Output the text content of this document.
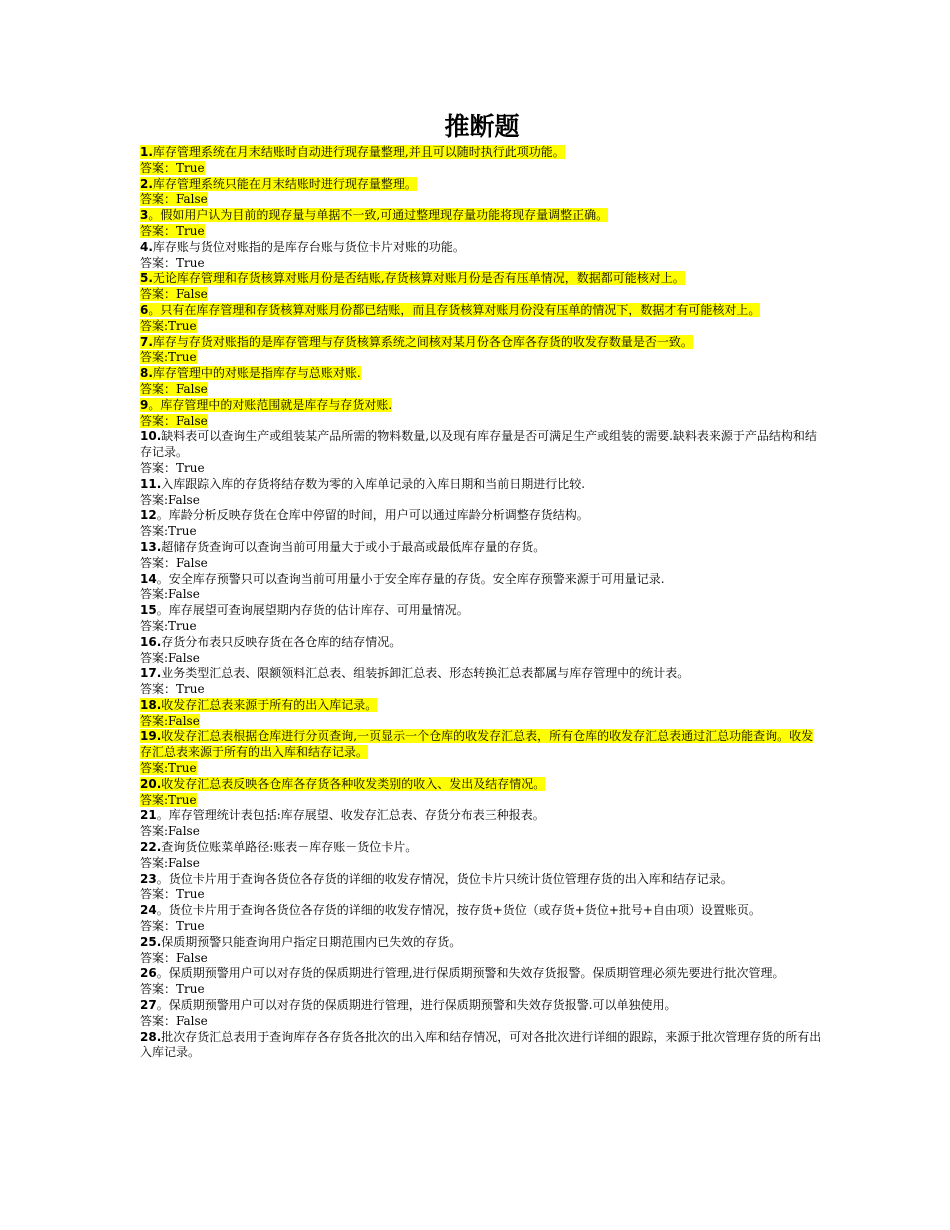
推断题
1.库存管理系统在月末结账时自动进行现存量整理,并且可以随时执行此项功能。
答案：True
2.库存管理系统只能在月末结账时进行现存量整理。
答案：False
3。假如用户认为目前的现存量与单据不一致,可通过整理现存量功能将现存量调整正确。
答案：True
4.库存账与货位对账指的是库存台账与货位卡片对账的功能。
答案：True
5.无论库存管理和存货核算对账月份是否结账,存货核算对账月份是否有压单情况，数据都可能核对上。
答案：False
6。只有在库存管理和存货核算对账月份都已结账，而且存货核算对账月份没有压单的情况下，数据才有可能核对上。
答案:True
7.库存与存货对账指的是库存管理与存货核算系统之间核对某月份各仓库各存货的收发存数量是否一致。
答案:True
8.库存管理中的对账是指库存与总账对账.
答案：False
9。库存管理中的对账范围就是库存与存货对账.
答案：False
10.缺料表可以查询生产或组装某产品所需的物料数量,以及现有库存量是否可满足生产或组装的需要.缺料表来源于产品结构和结存记录。
答案：True
11.入库跟踪入库的存货将结存数为零的入库单记录的入库日期和当前日期进行比较.
答案:False
12。库龄分析反映存货在仓库中停留的时间，用户可以通过库龄分析调整存货结构。
答案:True
13.超储存货查询可以查询当前可用量大于或小于最高或最低库存量的存货。
答案：False
14。安全库存预警只可以查询当前可用量小于安全库存量的存货。安全库存预警来源于可用量记录.
答案:False
15。库存展望可查询展望期内存货的估计库存、可用量情况。
答案:True
16.存货分布表只反映存货在各仓库的结存情况。
答案:False
17.业务类型汇总表、限额领料汇总表、组装拆卸汇总表、形态转换汇总表都属与库存管理中的统计表。
答案：True
18.收发存汇总表来源于所有的出入库记录。
答案:False
19.收发存汇总表根据仓库进行分页查询,一页显示一个仓库的收发存汇总表，所有仓库的收发存汇总表通过汇总功能查询。收发存汇总表来源于所有的出入库和结存记录。
答案:True
20.收发存汇总表反映各仓库各存货各种收发类别的收入、发出及结存情况。
答案:True
21。库存管理统计表包括:库存展望、收发存汇总表、存货分布表三种报表。
答案:False
22.查询货位账菜单路径:账表－库存账－货位卡片。
答案:False
23。货位卡片用于查询各货位各存货的详细的收发存情况，货位卡片只统计货位管理存货的出入库和结存记录。
答案：True
24。货位卡片用于查询各货位各存货的详细的收发存情况，按存货+货位（或存货+货位+批号+自由项）设置账页。
答案：True
25.保质期预警只能查询用户指定日期范围内已失效的存货。
答案：False
26。保质期预警用户可以对存货的保质期进行管理,进行保质期预警和失效存货报警。保质期管理必须先要进行批次管理。
答案：True
27。保质期预警用户可以对存货的保质期进行管理，进行保质期预警和失效存货报警.可以单独使用。
答案：False
28.批次存货汇总表用于查询库存各存货各批次的出入库和结存情况，可对各批次进行详细的跟踪，来源于批次管理存货的所有出入库记录。
